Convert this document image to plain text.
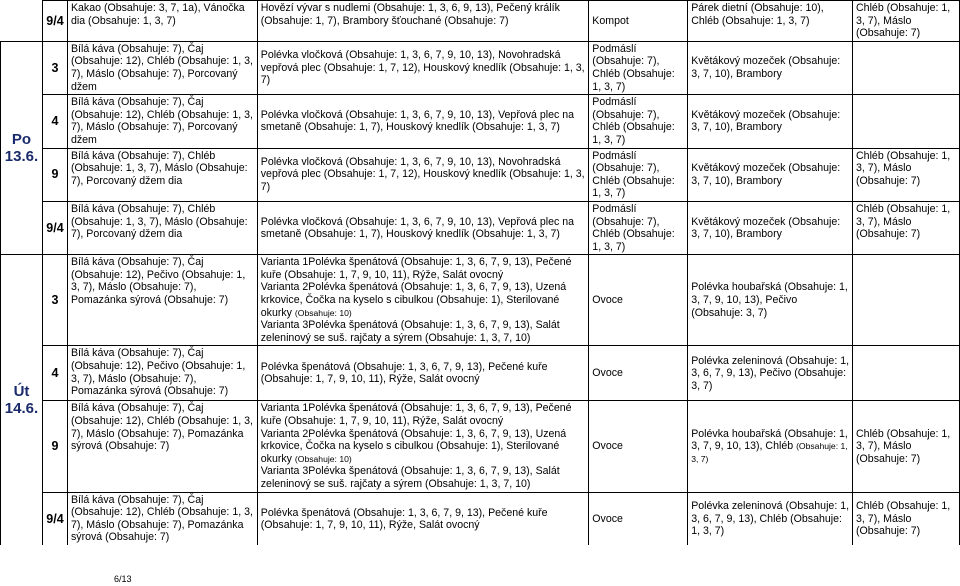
	9/4	Kakao (Obsahuje: 3, 7, 1a), Vánočka dia (Obsahuje: 1, 3, 7)	Hovězí vývar s nudlemi (Obsahuje: 1, 3, 6, 9, 13), Pečený králík (Obsahuje: 1, 7), Brambory šťouchané (Obsahuje: 7)	Kompot	Párek dietní (Obsahuje: 10), Chléb (Obsahuje: 1, 3, 7)	Chléb (Obsahuje: 1, 3, 7), Máslo (Obsahuje: 7)
Po 13.6.	3	Bílá káva (Obsahuje: 7), Čaj (Obsahuje: 12), Chléb (Obsahuje: 1, 3, 7), Máslo (Obsahuje: 7), Porcovaný džem	Polévka vločková (Obsahuje: 1, 3, 6, 7, 9, 10, 13), Novohradská vepřová plec (Obsahuje: 1, 7, 12), Houskový knedlík (Obsahuje: 1, 3, 7)	Podmáslí (Obsahuje: 7), Chléb (Obsahuje: 1, 3, 7)	Květákový mozeček (Obsahuje: 3, 7, 10), Brambory	
	4	Bílá káva (Obsahuje: 7), Čaj (Obsahuje: 12), Chléb (Obsahuje: 1, 3, 7), Máslo (Obsahuje: 7), Porcovaný džem	Polévka vločková (Obsahuje: 1, 3, 6, 7, 9, 10, 13), Vepřová plec na smetaně (Obsahuje: 1, 7), Houskový knedlík (Obsahuje: 1, 3, 7)	Podmáslí (Obsahuje: 7), Chléb (Obsahuje: 1, 3, 7)	Květákový mozeček (Obsahuje: 3, 7, 10), Brambory	
	9	Bílá káva (Obsahuje: 7), Chléb (Obsahuje: 1, 3, 7), Máslo (Obsahuje: 7), Porcovaný džem dia	Polévka vločková (Obsahuje: 1, 3, 6, 7, 9, 10, 13), Novohradská vepřová plec (Obsahuje: 1, 7, 12), Houskový knedlík (Obsahuje: 1, 3, 7)	Podmáslí (Obsahuje: 7), Chléb (Obsahuje: 1, 3, 7)	Květákový mozeček (Obsahuje: 3, 7, 10), Brambory	Chléb (Obsahuje: 1, 3, 7), Máslo (Obsahuje: 7)
	9/4	Bílá káva (Obsahuje: 7), Chléb (Obsahuje: 1, 3, 7), Máslo (Obsahuje: 7), Porcovaný džem dia	Polévka vločková (Obsahuje: 1, 3, 6, 7, 9, 10, 13), Vepřová plec na smetaně (Obsahuje: 1, 7), Houskový knedlík (Obsahuje: 1, 3, 7)	Podmáslí (Obsahuje: 7), Chléb (Obsahuje: 1, 3, 7)	Květákový mozeček (Obsahuje: 3, 7, 10), Brambory	Chléb (Obsahuje: 1, 3, 7), Máslo (Obsahuje: 7)
Út 14.6.	3	Bílá káva (Obsahuje: 7), Čaj (Obsahuje: 12), Pečivo (Obsahuje: 1, 3, 7), Máslo (Obsahuje: 7), Pomazánka sýrová (Obsahuje: 7)	Varianta 1Polévka špenátová (Obsahuje: 1, 3, 6, 7, 9, 13), Pečené kuře (Obsahuje: 1, 7, 9, 10, 11), Rýže, Salát ovocný
Varianta 2Polévka špenátová (Obsahuje: 1, 3, 6, 7, 9, 13), Uzená krkovice, Čočka na kyselo s cibulkou (Obsahuje: 1), Sterilované okurky (Obsahuje: 10)
Varianta 3Polévka špenátová (Obsahuje: 1, 3, 6, 7, 9, 13), Salát zeleninový se suš. rajčaty a sýrem (Obsahuje: 1, 3, 7, 10)	Ovoce	Polévka houbařská (Obsahuje: 1, 3, 7, 9, 10, 13), Pečivo (Obsahuje: 3, 7)	
	4	Bílá káva (Obsahuje: 7), Čaj (Obsahuje: 12), Pečivo (Obsahuje: 1, 3, 7), Máslo (Obsahuje: 7), Pomazánka sýrová (Obsahuje: 7)	Polévka špenátová (Obsahuje: 1, 3, 6, 7, 9, 13), Pečené kuře (Obsahuje: 1, 7, 9, 10, 11), Rýže, Salát ovocný	Ovoce	Polévka zeleninová (Obsahuje: 1, 3, 6, 7, 9, 13), Pečivo (Obsahuje: 3, 7)	
	9	Bílá káva (Obsahuje: 7), Čaj (Obsahuje: 12), Chléb (Obsahuje: 1, 3, 7), Máslo (Obsahuje: 7), Pomazánka sýrová (Obsahuje: 7)	Varianta 1Polévka špenátová (Obsahuje: 1, 3, 6, 7, 9, 13), Pečené kuře (Obsahuje: 1, 7, 9, 10, 11), Rýže, Salát ovocný
Varianta 2Polévka špenátová (Obsahuje: 1, 3, 6, 7, 9, 13), Uzená krkovice, Čočka na kyselo s cibulkou (Obsahuje: 1), Sterilované okurky (Obsahuje: 10)
Varianta 3Polévka špenátová (Obsahuje: 1, 3, 6, 7, 9, 13), Salát zeleninový se suš. rajčaty a sýrem (Obsahuje: 1, 3, 7, 10)	Ovoce	Polévka houbařská (Obsahuje: 1, 3, 7, 9, 10, 13), Chléb (Obsahuje: 1, 3, 7)	Chléb (Obsahuje: 1, 3, 7), Máslo (Obsahuje: 7)
	9/4	Bílá káva (Obsahuje: 7), Čaj (Obsahuje: 12), Chléb (Obsahuje: 1, 3, 7), Máslo (Obsahuje: 7), Pomazánka sýrová (Obsahuje: 7)	Polévka špenátová (Obsahuje: 1, 3, 6, 7, 9, 13), Pečené kuře (Obsahuje: 1, 7, 9, 10, 11), Rýže, Salát ovocný	Ovoce	Polévka zeleninová (Obsahuje: 1, 3, 6, 7, 9, 13), Chléb (Obsahuje: 1, 3, 7)	Chléb (Obsahuje: 1, 3, 7), Máslo (Obsahuje: 7)

6/13
